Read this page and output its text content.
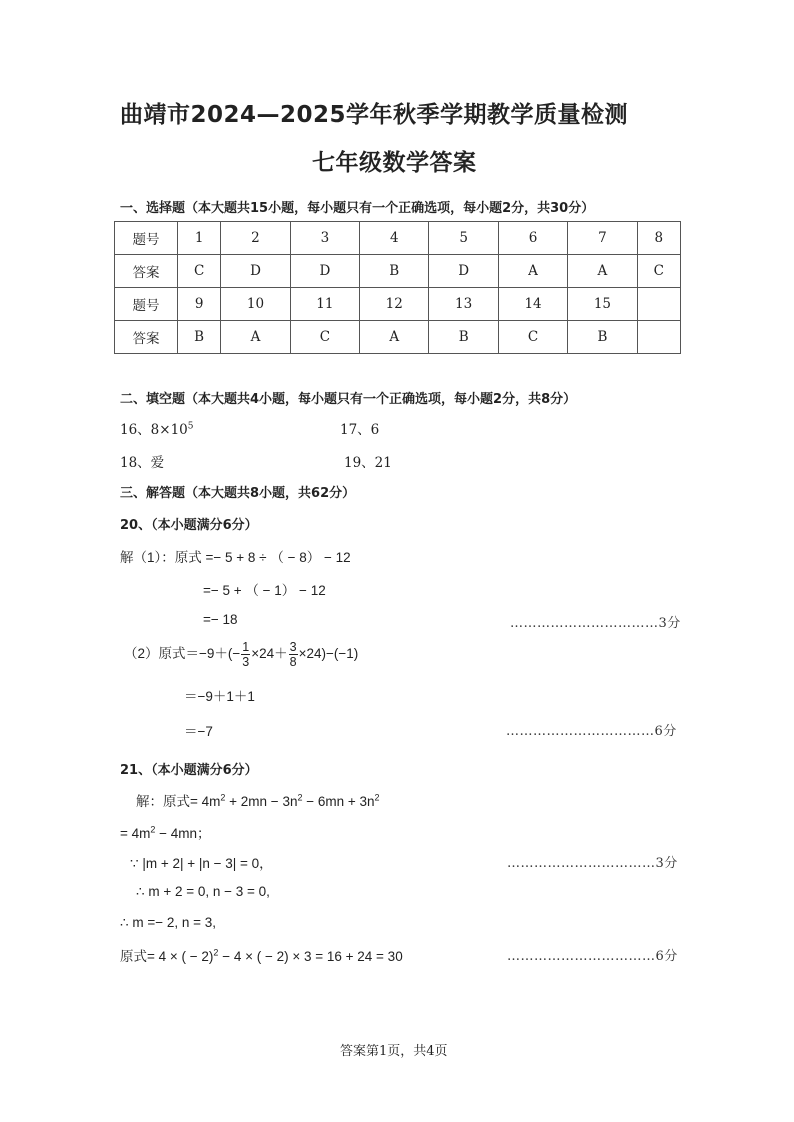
曲靖市2024—2025学年秋季学期教学质量检测
七年级数学答案
一、选择题（本大题共15小题，每小题只有一个正确选项，每小题2分，共30分）
题号	1	2	3	4	5	6	7	8
答案	C	D	D	B	D	A	A	C
题号	9	10	11	12	13	14	15	
答案	B	A	C	A	B	C	B	
二、填空题（本大题共4小题，每小题只有一个正确选项，每小题2分，共8分）
16、$8\times 10^5$	17、6
18、爱	19、21
三、解答题（本大题共8小题，共62分）
20、（本小题满分6分）
解（1）：原式 =− 5 + 8 ÷ （ − 8） − 12
=− 5 + （ − 1） − 12
=− 18	……………………………3分
（2）原式$=-9+(- \frac{1}{3} \times 24+ \frac{3}{8} \times 24)-(-1)$
＝−9＋1＋1
＝−7	……………………………6分
21、（本小题满分6分）
解：原式= $4m^2 + 2mn - 3n^2 - 6mn + 3n^2$
= $4m^2 - 4mn$；
∵ |m + 2| + |n − 3| = 0，	……………………………3分
∴ m + 2 = 0, n − 3 = 0,
∴ m =− 2, n = 3,
原式= 4 × ( − 2)$^2$ − 4 × ( − 2) × 3 = 16 + 24 = 30	……………………………6分
答案第1页，共4页
